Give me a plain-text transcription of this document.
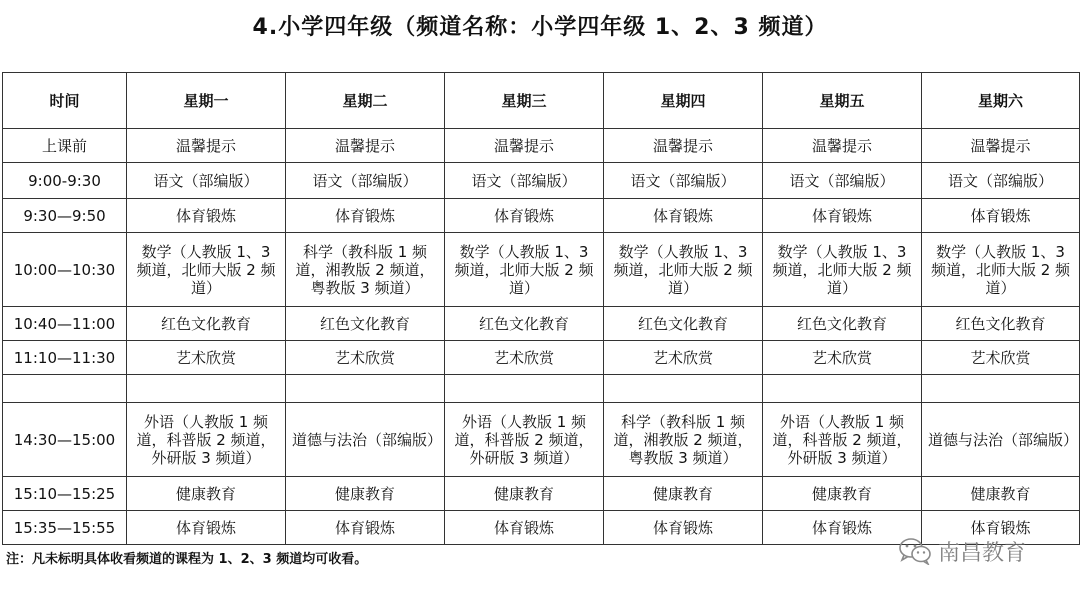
4.小学四年级（频道名称：小学四年级 1、2、3 频道）
时间	星期一	星期二	星期三	星期四	星期五	星期六
上课前	温馨提示	温馨提示	温馨提示	温馨提示	温馨提示	温馨提示
9:00-9:30	语文（部编版）	语文（部编版）	语文（部编版）	语文（部编版）	语文（部编版）	语文（部编版）
9:30—9:50	体育锻炼	体育锻炼	体育锻炼	体育锻炼	体育锻炼	体育锻炼
10:00—10:30	数学（人教版 1、3 频道，北师大版 2 频道）	科学（教科版 1 频道，湘教版 2 频道，粤教版 3 频道）	数学（人教版 1、3 频道，北师大版 2 频道）	数学（人教版 1、3 频道，北师大版 2 频道）	数学（人教版 1、3 频道，北师大版 2 频道）	数学（人教版 1、3 频道，北师大版 2 频道）
10:40—11:00	红色文化教育	红色文化教育	红色文化教育	红色文化教育	红色文化教育	红色文化教育
11:10—11:30	艺术欣赏	艺术欣赏	艺术欣赏	艺术欣赏	艺术欣赏	艺术欣赏

14:30—15:00	外语（人教版 1 频道，科普版 2 频道，外研版 3 频道）	道德与法治（部编版）	外语（人教版 1 频道，科普版 2 频道，外研版 3 频道）	科学（教科版 1 频道，湘教版 2 频道，粤教版 3 频道）	外语（人教版 1 频道，科普版 2 频道，外研版 3 频道）	道德与法治（部编版）
15:10—15:25	健康教育	健康教育	健康教育	健康教育	健康教育	健康教育
15:35—15:55	体育锻炼	体育锻炼	体育锻炼	体育锻炼	体育锻炼	体育锻炼
注：凡未标明具体收看频道的课程为 1、2、3 频道均可收看。	南昌教育
